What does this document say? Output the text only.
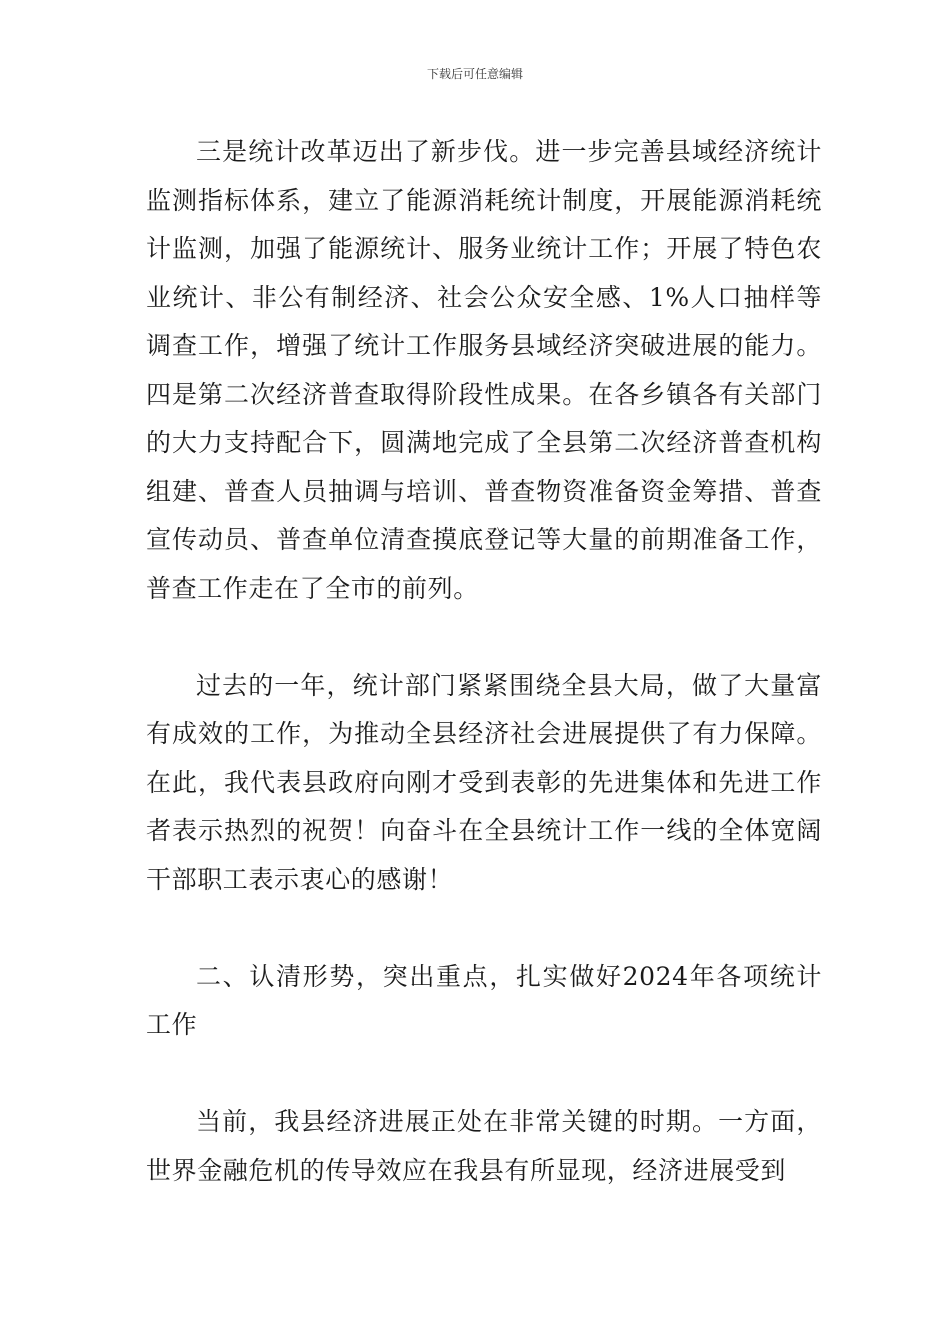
下载后可任意编辑

三是统计改革迈出了新步伐。进一步完善县域经济统计监测指标体系，建立了能源消耗统计制度，开展能源消耗统计监测，加强了能源统计、服务业统计工作；开展了特色农业统计、非公有制经济、社会公众安全感、1%人口抽样等调查工作，增强了统计工作服务县域经济突破进展的能力。四是第二次经济普查取得阶段性成果。在各乡镇各有关部门的大力支持配合下，圆满地完成了全县第二次经济普查机构组建、普查人员抽调与培训、普查物资准备资金筹措、普查宣传动员、普查单位清查摸底登记等大量的前期准备工作，普查工作走在了全市的前列。

过去的一年，统计部门紧紧围绕全县大局，做了大量富有成效的工作，为推动全县经济社会进展提供了有力保障。在此，我代表县政府向刚才受到表彰的先进集体和先进工作者表示热烈的祝贺！向奋斗在全县统计工作一线的全体宽阔干部职工表示衷心的感谢！

二、认清形势，突出重点，扎实做好2024年各项统计工作

当前，我县经济进展正处在非常关键的时期。一方面，世界金融危机的传导效应在我县有所显现，经济进展受到
